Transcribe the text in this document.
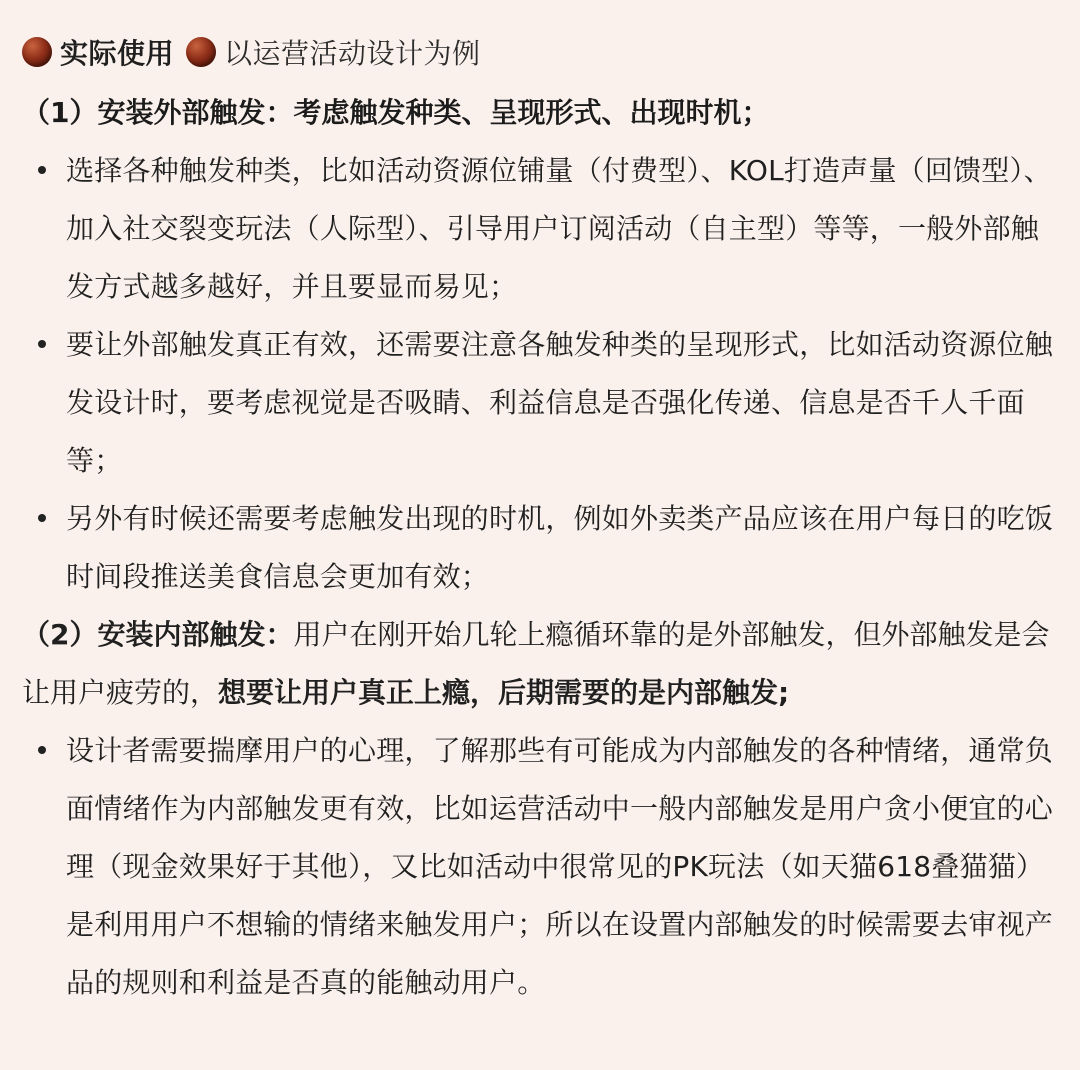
实际使用 以运营活动设计为例
（1）安装外部触发：考虑触发种类、呈现形式、出现时机；
选择各种触发种类，比如活动资源位铺量（付费型）、KOL打造声量（回馈型）、加入社交裂变玩法（人际型）、引导用户订阅活动（自主型）等等，一般外部触发方式越多越好，并且要显而易见；
要让外部触发真正有效，还需要注意各触发种类的呈现形式，比如活动资源位触发设计时，要考虑视觉是否吸睛、利益信息是否强化传递、信息是否千人千面等；
另外有时候还需要考虑触发出现的时机，例如外卖类产品应该在用户每日的吃饭时间段推送美食信息会更加有效；
（2）安装内部触发：用户在刚开始几轮上瘾循环靠的是外部触发，但外部触发是会让用户疲劳的，想要让用户真正上瘾，后期需要的是内部触发;
设计者需要揣摩用户的心理，了解那些有可能成为内部触发的各种情绪，通常负面情绪作为内部触发更有效，比如运营活动中一般内部触发是用户贪小便宜的心理（现金效果好于其他），又比如活动中很常见的PK玩法（如天猫618叠猫猫）是利用用户不想输的情绪来触发用户；所以在设置内部触发的时候需要去审视产品的规则和利益是否真的能触动用户。
